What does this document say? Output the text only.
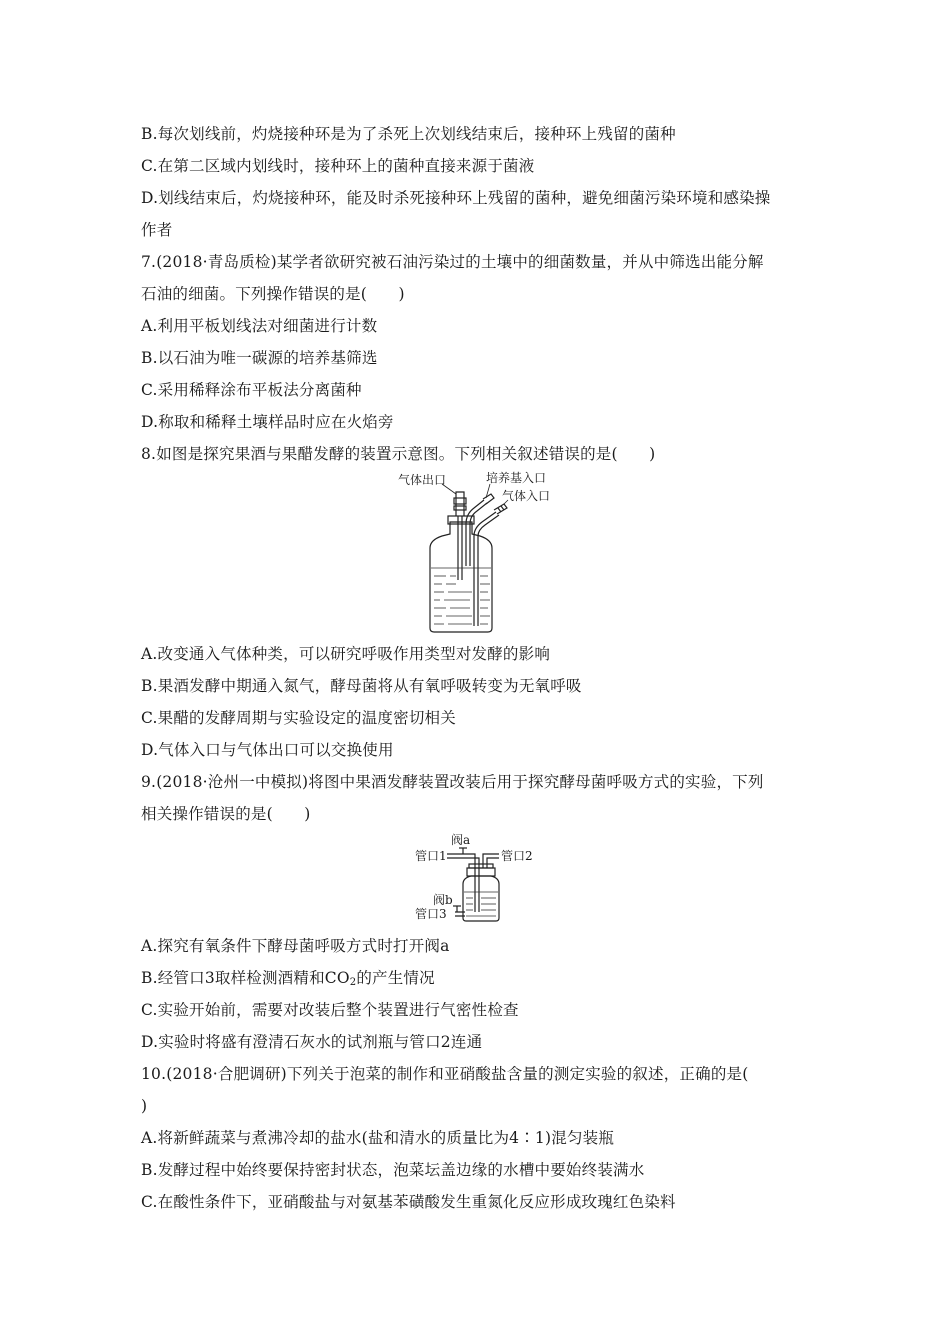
B.每次划线前，灼烧接种环是为了杀死上次划线结束后，接种环上残留的菌种
C.在第二区域内划线时，接种环上的菌种直接来源于菌液
D.划线结束后，灼烧接种环，能及时杀死接种环上残留的菌种，避免细菌污染环境和感染操
作者
7.(2018·青岛质检)某学者欲研究被石油污染过的土壤中的细菌数量，并从中筛选出能分解
石油的细菌。下列操作错误的是(　　)
A.利用平板划线法对细菌进行计数
B.以石油为唯一碳源的培养基筛选
C.采用稀释涂布平板法分离菌种
D.称取和稀释土壤样品时应在火焰旁
8.如图是探究果酒与果醋发酵的装置示意图。下列相关叙述错误的是(　　)
气体出口	培养基入口
气体入口
A.改变通入气体种类，可以研究呼吸作用类型对发酵的影响
B.果酒发酵中期通入氮气，酵母菌将从有氧呼吸转变为无氧呼吸
C.果醋的发酵周期与实验设定的温度密切相关
D.气体入口与气体出口可以交换使用
9.(2018·沧州一中模拟)将图中果酒发酵装置改装后用于探究酵母菌呼吸方式的实验，下列
相关操作错误的是(　　)
阀a
管口1	管口2
阀b
管口3
A.探究有氧条件下酵母菌呼吸方式时打开阀a
B.经管口3取样检测酒精和$CO_2$的产生情况
C.实验开始前，需要对改装后整个装置进行气密性检查
D.实验时将盛有澄清石灰水的试剂瓶与管口2连通
10.(2018·合肥调研)下列关于泡菜的制作和亚硝酸盐含量的测定实验的叙述，正确的是(
)
A.将新鲜蔬菜与煮沸冷却的盐水(盐和清水的质量比为4∶1)混匀装瓶
B.发酵过程中始终要保持密封状态，泡菜坛盖边缘的水槽中要始终装满水
C.在酸性条件下，亚硝酸盐与对氨基苯磺酸发生重氮化反应形成玫瑰红色染料
